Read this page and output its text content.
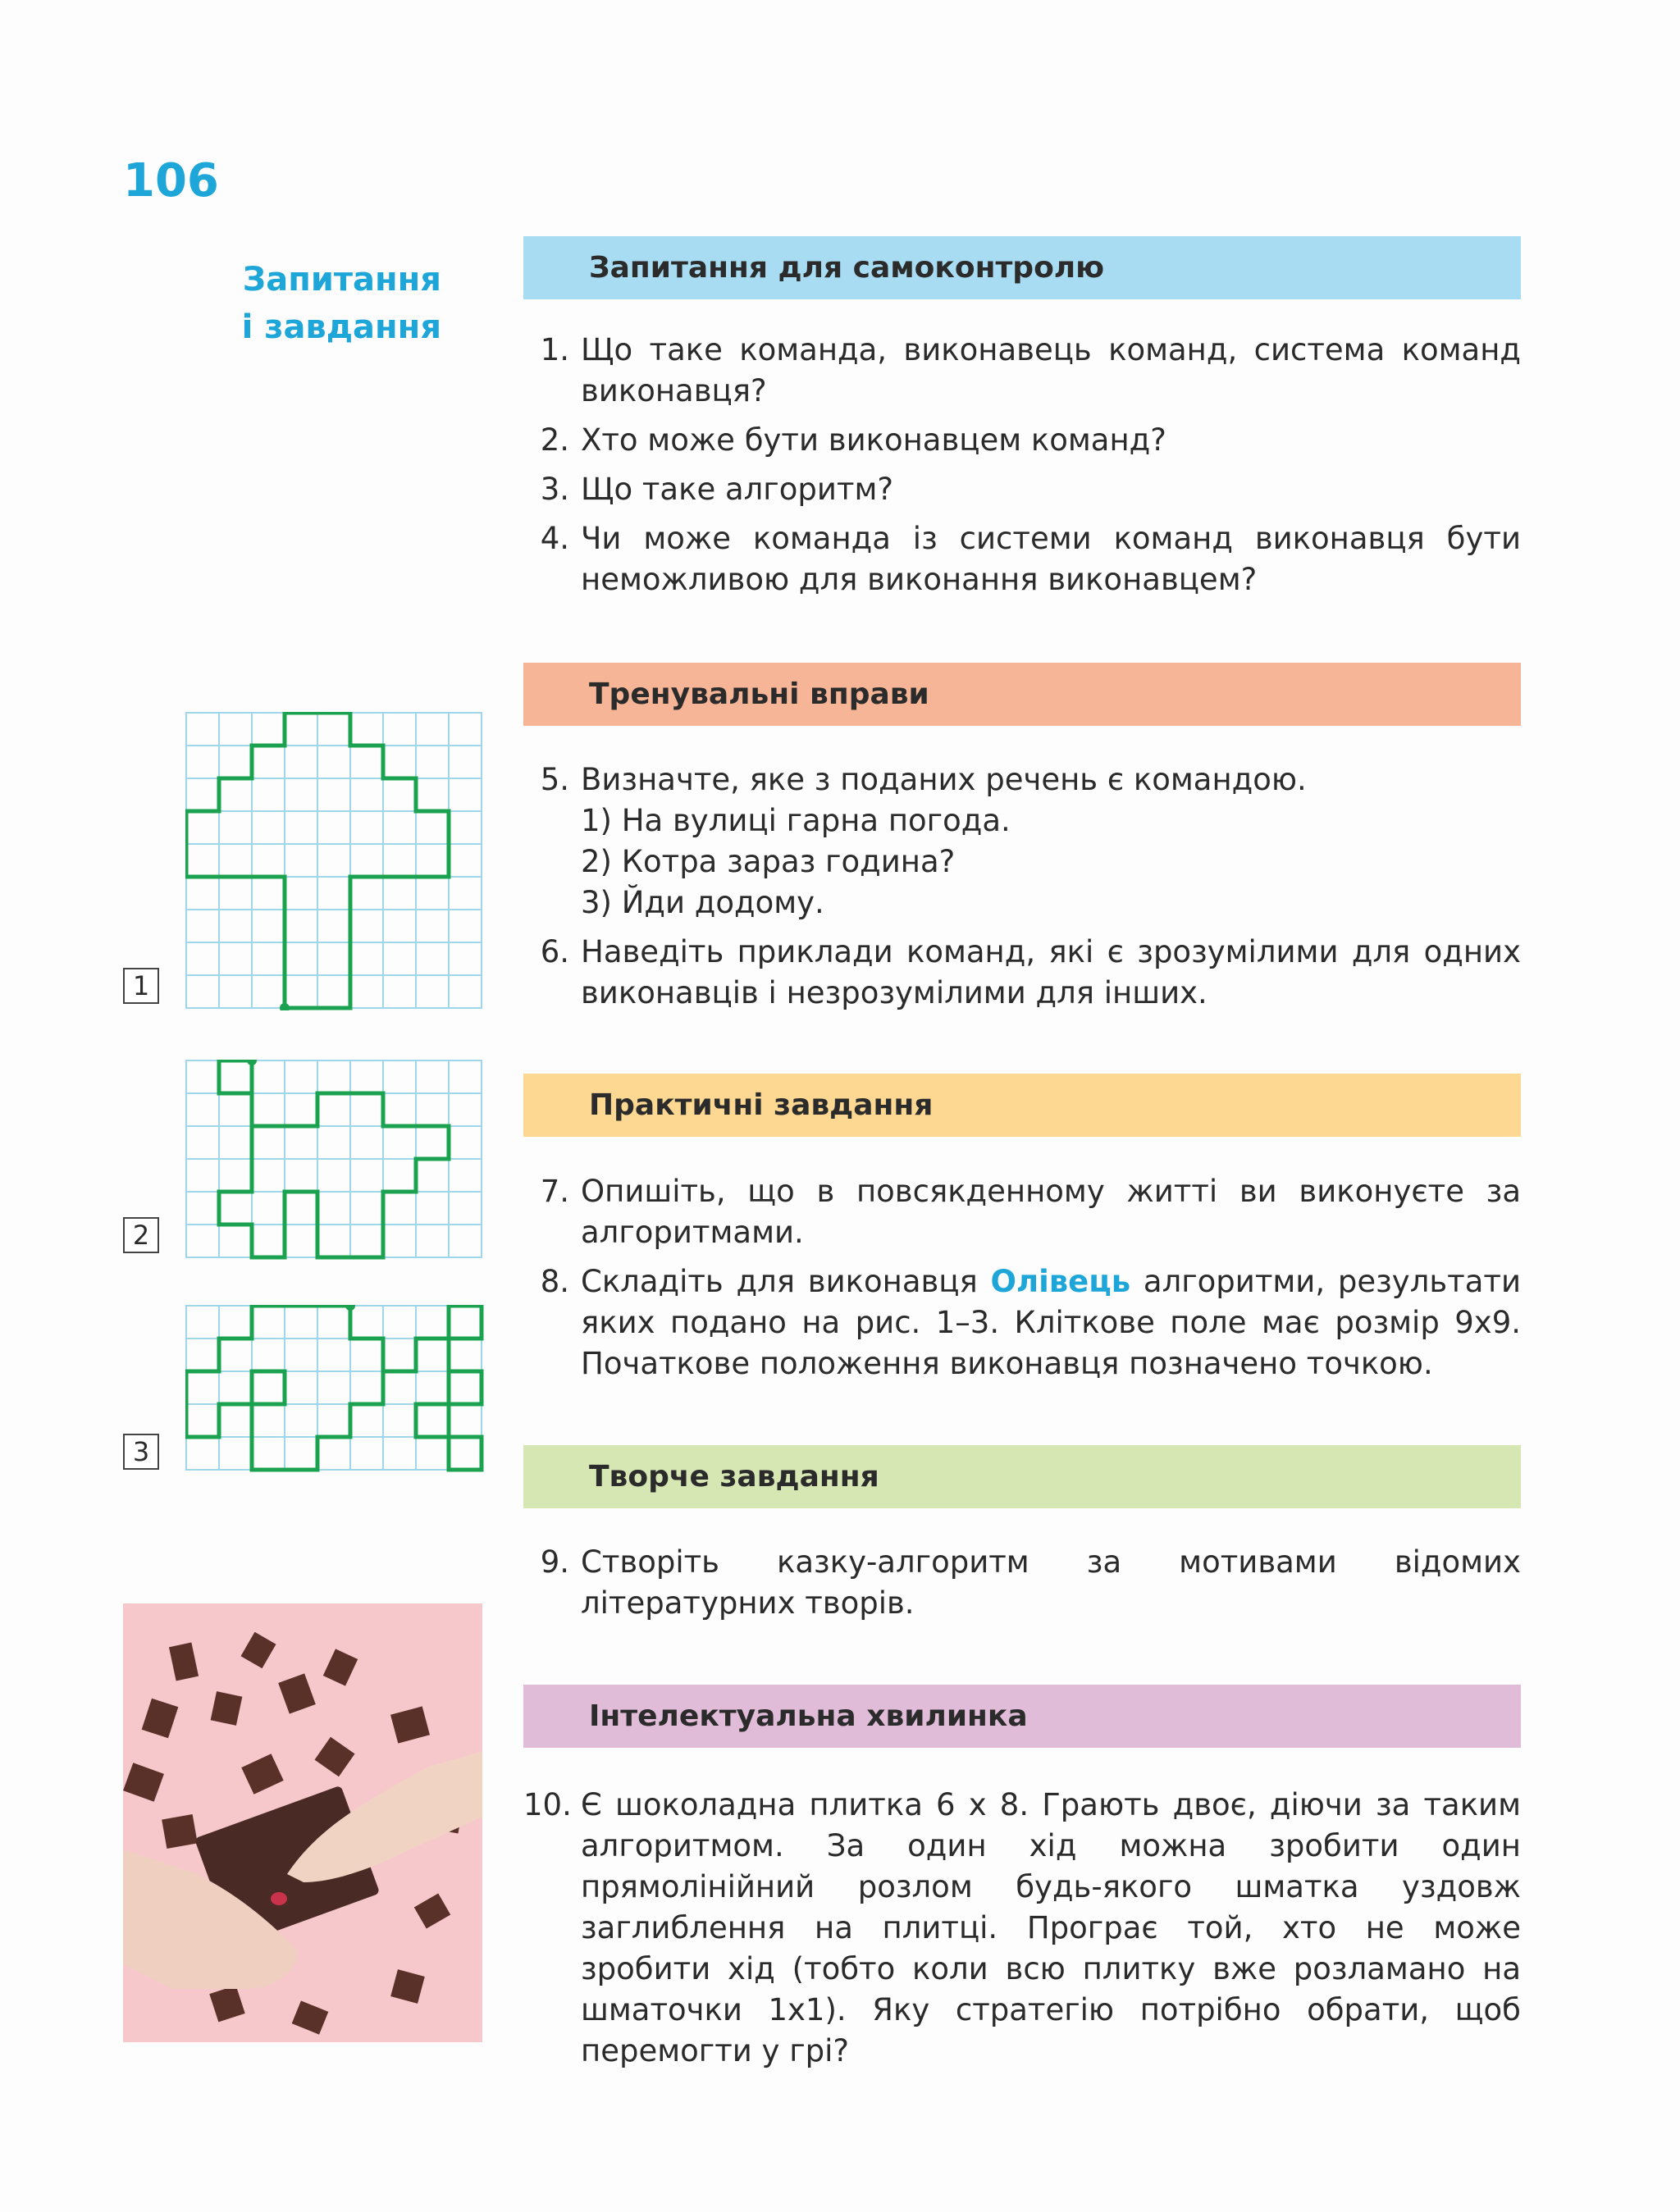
106
Запитання
і завдання
Запитання для самоконтролю
1. Що таке команда, виконавець команд, система команд виконавця?
2. Хто може бути виконавцем команд?
3. Що таке алгоритм?
4. Чи може команда із системи команд виконавця бути неможливою для виконання виконавцем?
Тренувальні вправи
5. Визначте, яке з поданих речень є командою.
1) На вулиці гарна погода.
2) Котра зараз година?
3) Йди додому.
6. Наведіть приклади команд, які є зрозумілими для одних виконавців і незрозумілими для інших.
Практичні завдання
7. Опишіть, що в повсякденному житті ви виконуєте за алгоритмами.
8. Складіть для виконавця Олівець алгоритми, результати яких подано на рис. 1–3. Кліткове поле має розмір 9x9. Початкове положення виконавця позначено точкою.
Творче завдання
9. Створіть казку-алгоритм за мотивами відомих літературних творів.
Інтелектуальна хвилинка
10. Є шоколадна плитка 6 х 8. Грають двоє, діючи за таким алгоритмом. За один хід можна зробити один прямолінійний розлом будь-якого шматка уздовж заглиблення на плитці. Програє той, хто не може зробити хід (тобто коли всю плитку вже розламано на шматочки 1x1). Яку стратегію потрібно обрати, щоб перемогти у грі?
1
2
3
